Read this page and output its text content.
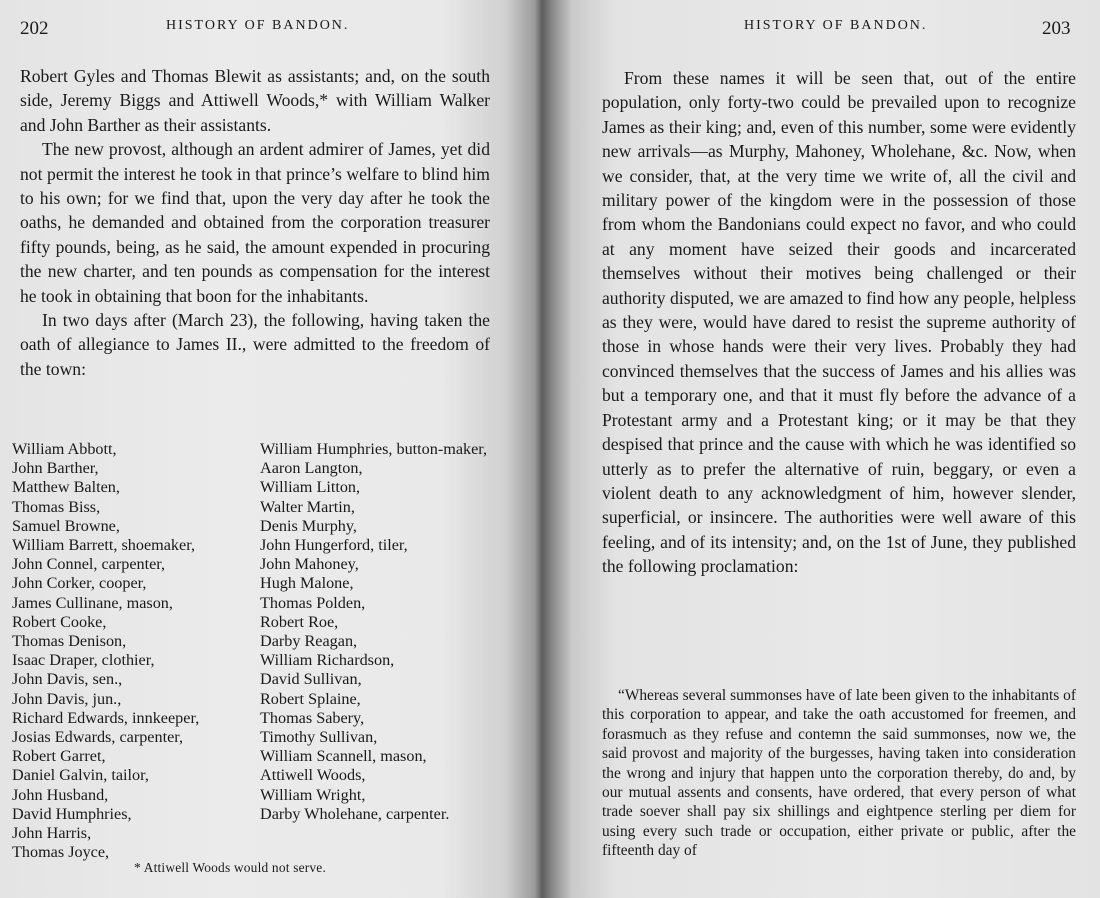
202	HISTORY OF BANDON.

Robert Gyles and Thomas Blewit as assistants; and, on the south side, Jeremy Biggs and Attiwell Woods,* with William Walker and John Barther as their assistants.

The new provost, although an ardent admirer of James, yet did not permit the interest he took in that prince’s welfare to blind him to his own; for we find that, upon the very day after he took the oaths, he demanded and obtained from the corporation treasurer fifty pounds, being, as he said, the amount expended in procuring the new charter, and ten pounds as compensation for the interest he took in obtaining that boon for the inhabitants.

In two days after (March 23), the following, having taken the oath of allegiance to James II., were admitted to the freedom of the town:

William Abbott,
John Barther,
Matthew Balten,
Thomas Biss,
Samuel Browne,
William Barrett, shoemaker,
John Connel, carpenter,
John Corker, cooper,
James Cullinane, mason,
Robert Cooke,
Thomas Denison,
Isaac Draper, clothier,
John Davis, sen.,
John Davis, jun.,
Richard Edwards, innkeeper,
Josias Edwards, carpenter,
Robert Garret,
Daniel Galvin, tailor,
John Husband,
David Humphries,
John Harris,
Thomas Joyce,
William Humphries, button-maker,
Aaron Langton,
William Litton,
Walter Martin,
Denis Murphy,
John Hungerford, tiler,
John Mahoney,
Hugh Malone,
Thomas Polden,
Robert Roe,
Darby Reagan,
William Richardson,
David Sullivan,
Robert Splaine,
Thomas Sabery,
Timothy Sullivan,
William Scannell, mason,
Attiwell Woods,
William Wright,
Darby Wholehane, carpenter.
* Attiwell Woods would not serve.
HISTORY OF BANDON.	203

From these names it will be seen that, out of the entire population, only forty-two could be prevailed upon to recognize James as their king; and, even of this number, some were evidently new arrivals—as Murphy, Mahoney, Wholehane, &c. Now, when we consider, that, at the very time we write of, all the civil and military power of the kingdom were in the possession of those from whom the Bandonians could expect no favor, and who could at any moment have seized their goods and incarcerated themselves without their motives being challenged or their authority disputed, we are amazed to find how any people, helpless as they were, would have dared to resist the supreme authority of those in whose hands were their very lives. Probably they had convinced themselves that the success of James and his allies was but a temporary one, and that it must fly before the advance of a Protestant army and a Protestant king; or it may be that they despised that prince and the cause with which he was identified so utterly as to prefer the alternative of ruin, beggary, or even a violent death to any acknowledgment of him, however slender, superficial, or insincere. The authorities were well aware of this feeling, and of its intensity; and, on the 1st of June, they published the following proclamation:

“Whereas several summonses have of late been given to the inhabitants of this corporation to appear, and take the oath accustomed for freemen, and forasmuch as they refuse and contemn the said summonses, now we, the said provost and majority of the burgesses, having taken into consideration the wrong and injury that happen unto the corporation thereby, do and, by our mutual assents and consents, have ordered, that every person of what trade soever shall pay six shillings and eightpence sterling per diem for using every such trade or occupation, either private or public, after the fifteenth day of
